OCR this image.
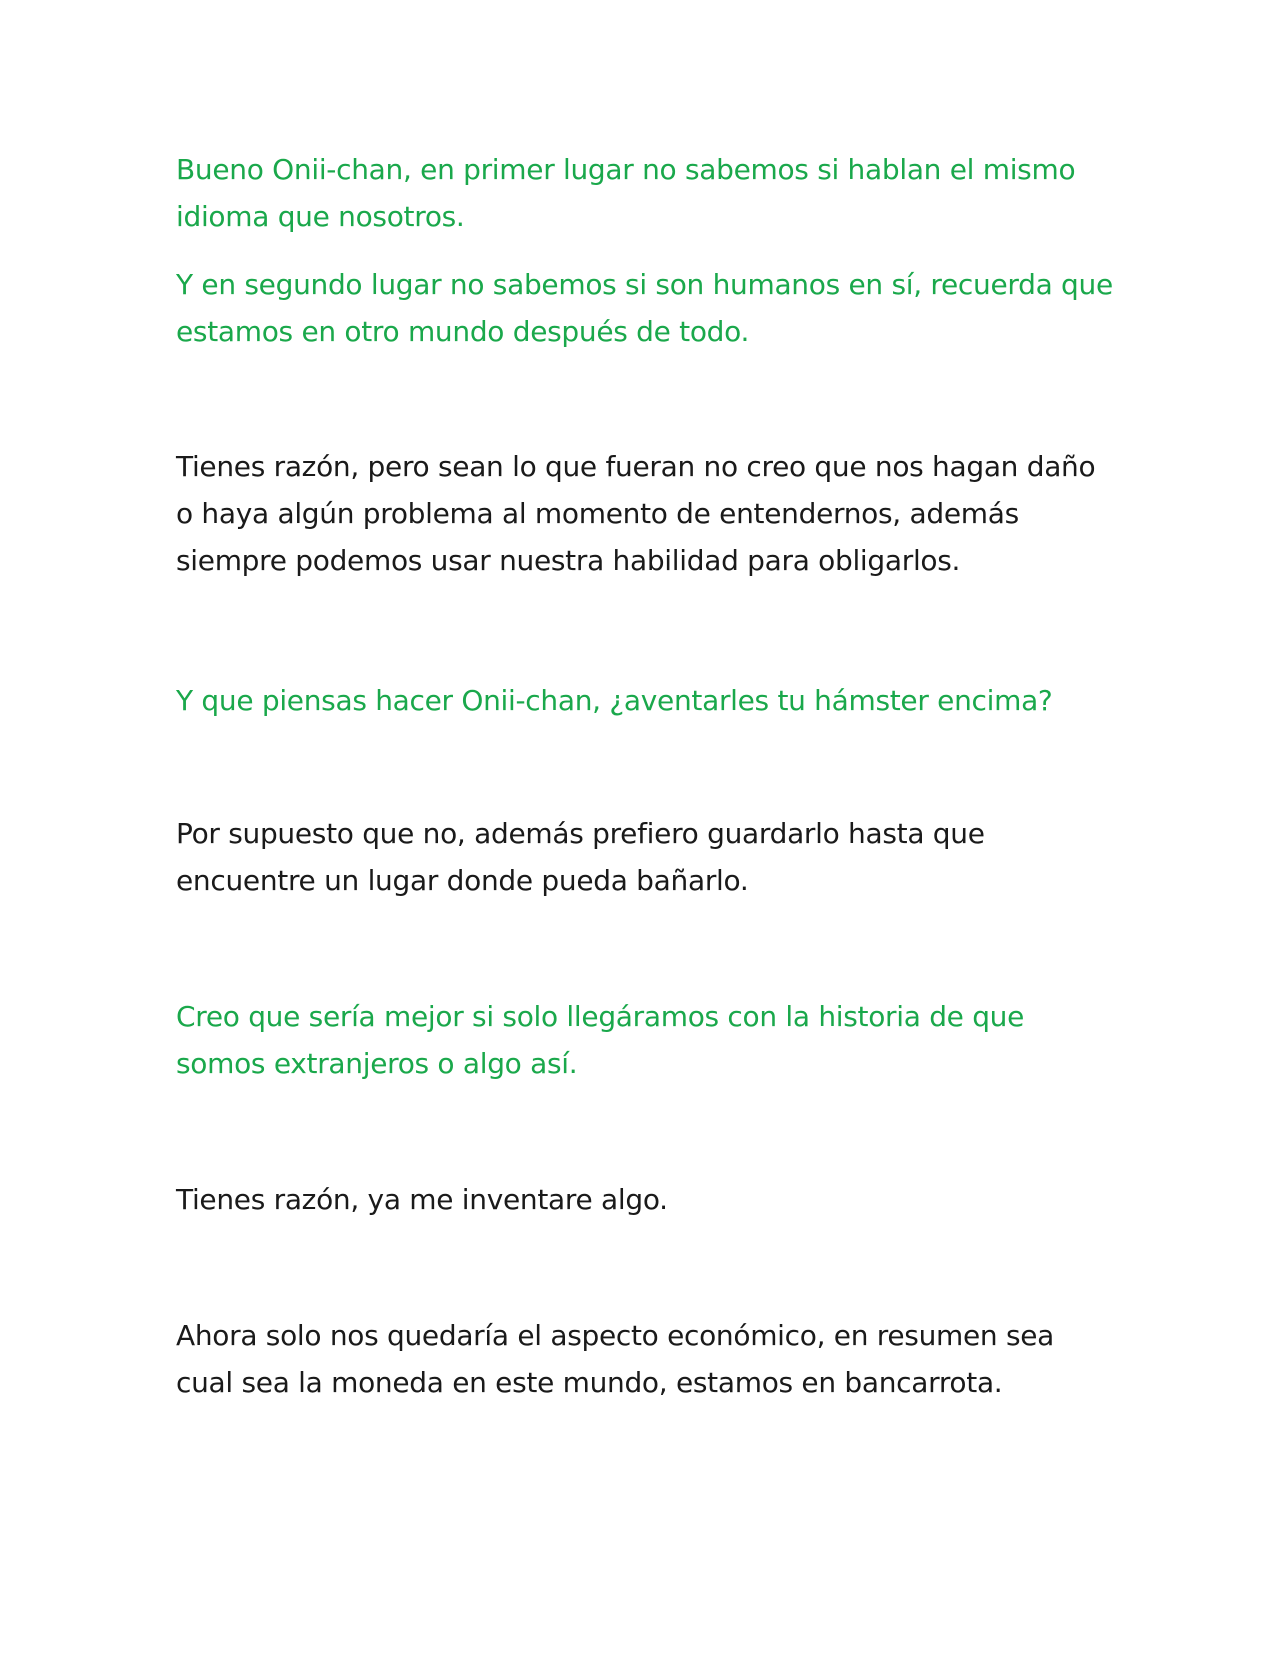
Bueno Onii-chan, en primer lugar no sabemos si hablan el mismo
idioma que nosotros.

Y en segundo lugar no sabemos si son humanos en sí, recuerda que
estamos en otro mundo después de todo.

Tienes razón, pero sean lo que fueran no creo que nos hagan daño
o haya algún problema al momento de entendernos, además
siempre podemos usar nuestra habilidad para obligarlos.

Y que piensas hacer Onii-chan, ¿aventarles tu hámster encima?

Por supuesto que no, además prefiero guardarlo hasta que
encuentre un lugar donde pueda bañarlo.

Creo que sería mejor si solo llegáramos con la historia de que
somos extranjeros o algo así.

Tienes razón, ya me inventare algo.

Ahora solo nos quedaría el aspecto económico, en resumen sea
cual sea la moneda en este mundo, estamos en bancarrota.
